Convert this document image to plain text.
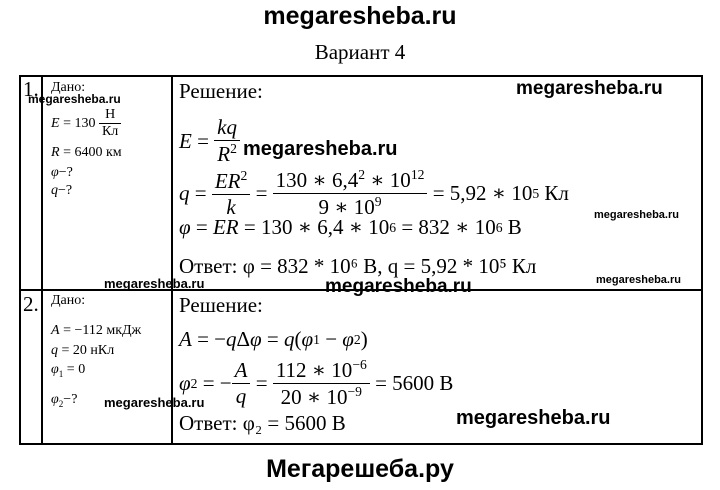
megaresheba.ru
Вариант 4
1. Дано:
$E = 130 \frac{Н}{Кл}$
R = 6400 км
φ−?
q−?
Решение:
$E = \frac{kq}{R^2}$
$q = \frac{ER^2}{k} = \frac{130 ∗ 6,4^2 ∗ 10^{12}}{9 ∗ 10^9} = 5,92$ ∗ 10 5 Кл
φ = ER = 130 ∗ 6,4 ∗ 10 6 = 832 ∗ 10 6 В
Ответ: φ = 832 * 10⁶ В, q = 5,92 * 10⁵ Кл
2. Дано:
A = −112 мкДж
q = 20 нКл
$\varphi_1 = 0$
$\varphi_2-$?
Решение:
A = − q Δ φ = q ( φ 1 − φ 2 )
φ 2 = − $\frac{A}{q} = \frac{112 ∗ 10^{-6}}{20 ∗ 10^{-9}} = 5600$ В
Ответ: φ₂ = 5600 В
megaresheba.ru	megaresheba.ru
megaresheba.ru
megaresheba.ru
megaresheba.ru	megaresheba.ru	megaresheba.ru
megaresheba.ru
megaresheba.ru
Мегарешеба.ру
